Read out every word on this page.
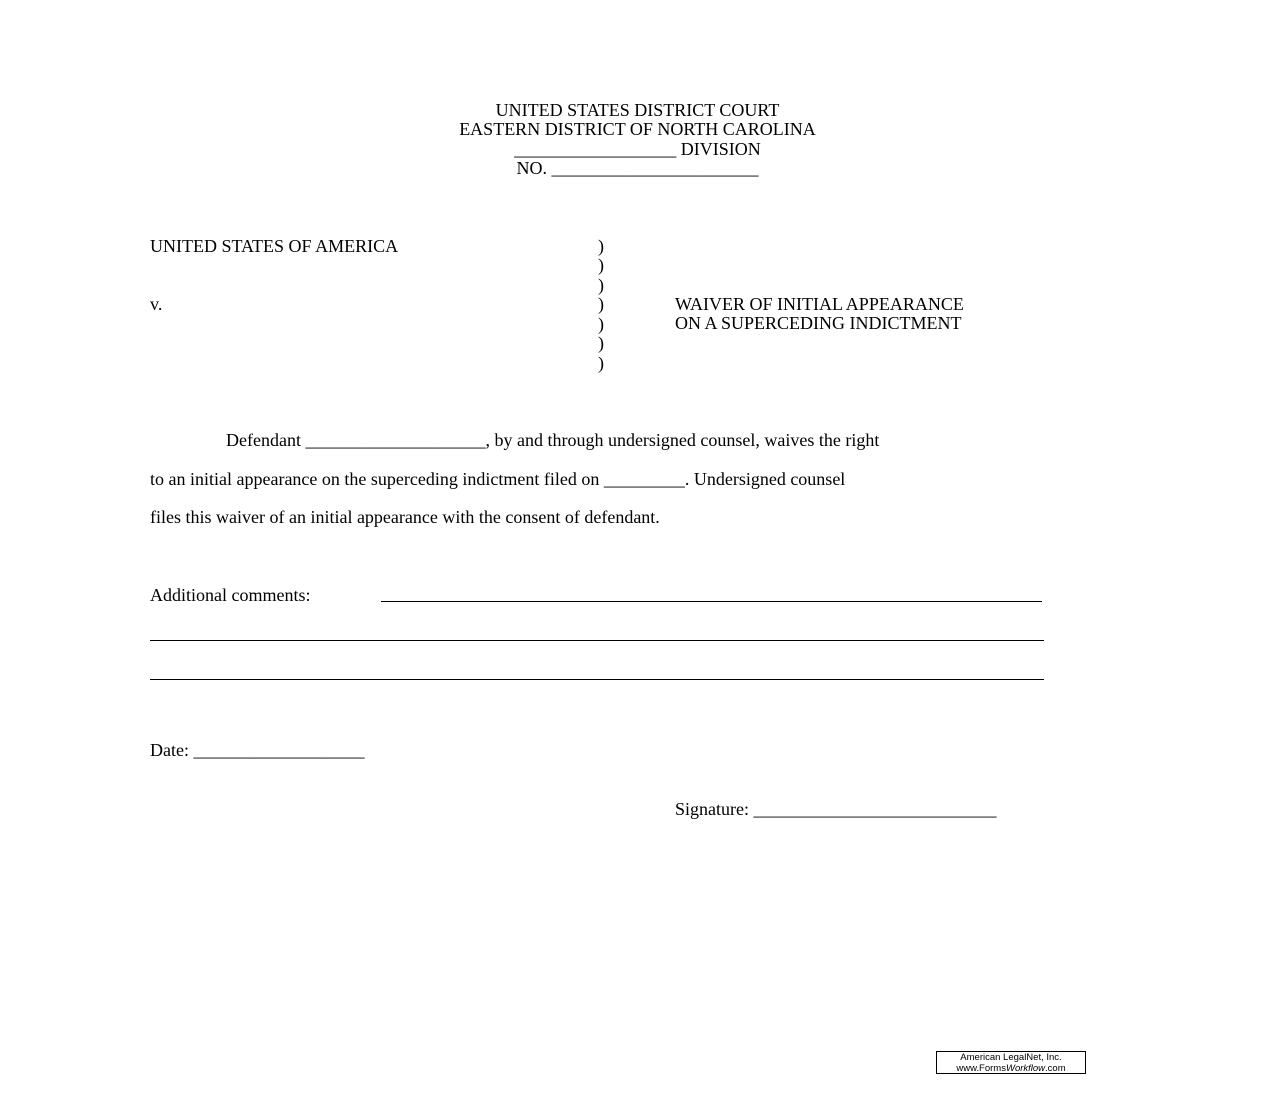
UNITED STATES DISTRICT COURT
EASTERN DISTRICT OF NORTH CAROLINA
__________________ DIVISION
NO. _______________________
UNITED STATES OF AMERICA
v.
)
)
)
)
)
)
)
WAIVER OF INITIAL APPEARANCE
ON A SUPERCEDING INDICTMENT
Defendant ____________________, by and through undersigned counsel, waives the right
to an initial appearance on the superceding indictment filed on _________. Undersigned counsel
files this waiver of an initial appearance with the consent of defendant.
Additional comments:
Date: ___________________
Signature: ___________________________
American LegalNet, Inc.
www.FormsWorkflow.com
